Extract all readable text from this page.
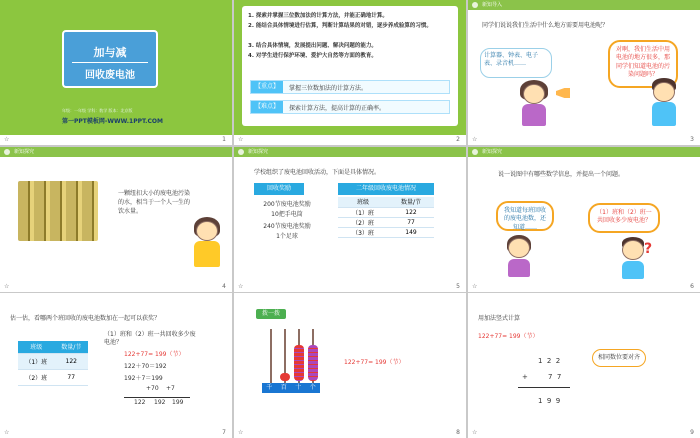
加与减
回收废电池
年级：一年级 学科：数学 版本：北京版
第一PPT模板网-WWW.1PPT.COM
☆	1
1. 探索并掌握三位数加法的计算方法，并能正确地计算。
2. 能结合具体情境进行估算，判断计算结果的对错，逐步养成验算的习惯。
3. 结合具体情境，发展提出问题、解决问题的能力。
4. 对学生进行保护环境、爱护大自然等方面的教育。
【重点】	掌握三位数加法的计算方法。
【难点】	探索计算方法，提高计算的正确率。
☆	2
新知导入
同学们说说我们生活中什么地方需要用电池呢？
计算器、钟表、电子表、录音机……
对啊，我们生活中用电池的地方很多，那同学们知道电池的污染问题吗？
☆	3
新知探究
一颗纽扣大小的废电池污染的水，相当于一个人一生的饮水量。
☆	4
新知探究
学校组织了废电池回收活动，下面是具体情况。
回收奖励
200节废电池奖励
10把手电筒
240节废电池奖励
1个足球
二年级回收废电池情况
班级	数量/节
（1）班	122
（2）班	77
（3）班	149
☆	5
新知探究
说一说图中有哪些数学信息，并提出一个问题。
我知道每班回收的废电池数，还知道……
（1）班和（2）班一共回收多少废电池？
?
☆	6
估一估，看哪两个班回收的废电池数加在一起可以获奖？
班级	数量/节
（1）班	122
（2）班	77
（1）班和（2）班一共回收多少废电池？
122+77= 199（节）
122＋70＝192
192＋7＝199
+70 +7
122 192 199
☆	7
拨一拨
千 百 十 个
122+77= 199（节）
☆	8
用加法竖式计算
122+77= 199（节）
1  2  2
+	7  7
1  9  9
相同数位要对齐
☆	9
